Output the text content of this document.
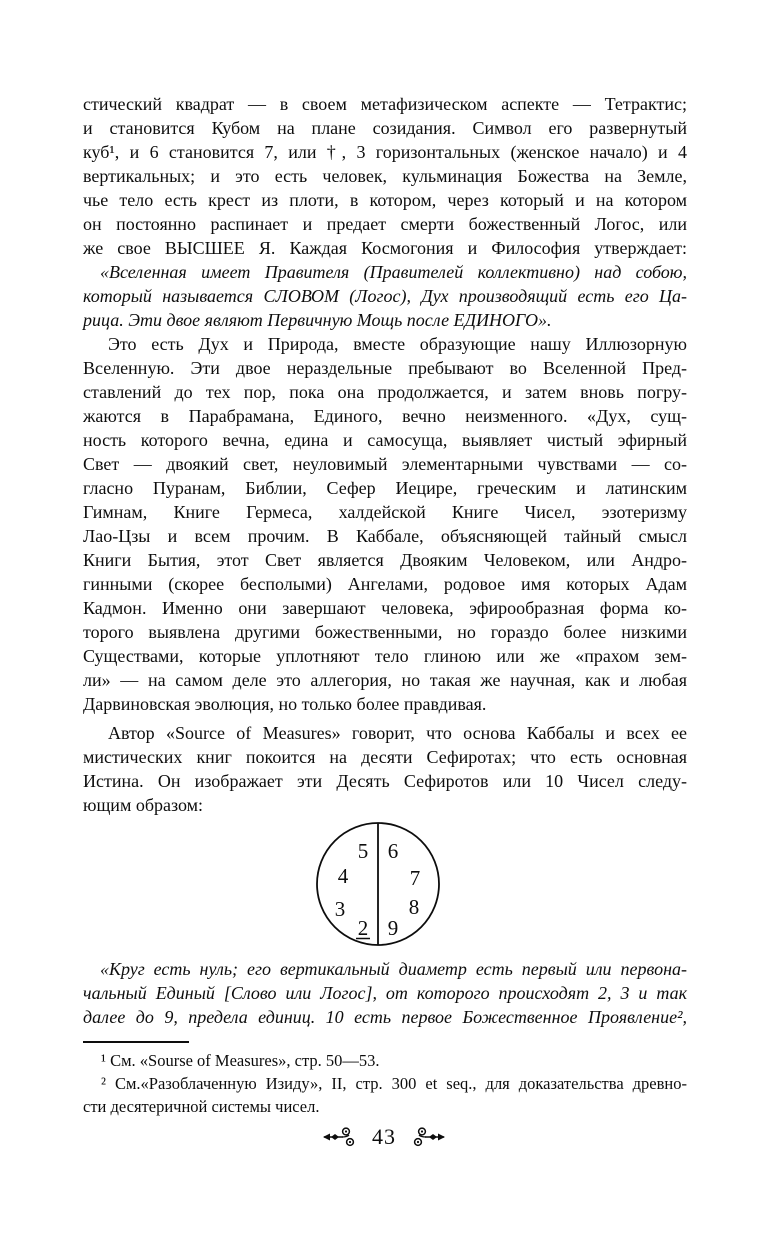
стический квадрат — в своем метафизическом аспекте — Тетрактис;
и становится Кубом на плане созидания. Символ его развернутый
куб¹, и 6 становится 7, или †, 3 горизонтальных (женское начало) и 4
вертикальных; и это есть человек, кульминация Божества на Земле,
чье тело есть крест из плоти, в котором, через который и на котором
он постоянно распинает и предает смерти божественный Логос, или
же свое ВЫСШЕЕ Я. Каждая Космогония и Философия утверждает:
«Вселенная имеет Правителя (Правителей коллективно) над собою,
который называется СЛОВОМ (Логос), Дух производящий есть его Ца-
рица. Эти двое являют Первичную Мощь после ЕДИНОГО».
Это есть Дух и Природа, вместе образующие нашу Иллюзорную
Вселенную. Эти двое нераздельные пребывают во Вселенной Пред-
ставлений до тех пор, пока она продолжается, и затем вновь погру-
жаются в Парабрамана, Единого, вечно неизменного. «Дух, сущ-
ность которого вечна, едина и самосуща, выявляет чистый эфирный
Свет — двоякий свет, неуловимый элементарными чувствами — со-
гласно Пуранам, Библии, Сефер Иецире, греческим и латинским
Гимнам, Книге Гермеса, халдейской Книге Чисел, эзотеризму
Лао-Цзы и всем прочим. В Каббале, объясняющей тайный смысл
Книги Бытия, этот Свет является Двояким Человеком, или Андро-
гинными (скорее бесполыми) Ангелами, родовое имя которых Адам
Кадмон. Именно они завершают человека, эфирообразная форма ко-
торого выявлена другими божественными, но гораздо более низкими
Существами, которые уплотняют тело глиною или же «прахом зем-
ли» — на самом деле это аллегория, но такая же научная, как и любая
Дарвиновская эволюция, но только более правдивая.
Автор «Source of Measures» говорит, что основа Каббалы и всех ее
мистических книг покоится на десяти Сефиротах; что есть основная
Истина. Он изображает эти Десять Сефиротов или 10 Чисел следу-
ющим образом:
5 6
4	7
3	8
2 9
«Круг есть нуль; его вертикальный диаметр есть первый или первона-
чальный Единый [Слово или Логос], от которого происходят 2, 3 и так
далее до 9, предела единиц. 10 есть первое Божественное Проявление²,
¹ См. «Sourse of Measures», стр. 50—53.
² См.«Разоблаченную Изиду», II, стр. 300 et seq., для доказательства древно-
сти десятеричной системы чисел.
43
